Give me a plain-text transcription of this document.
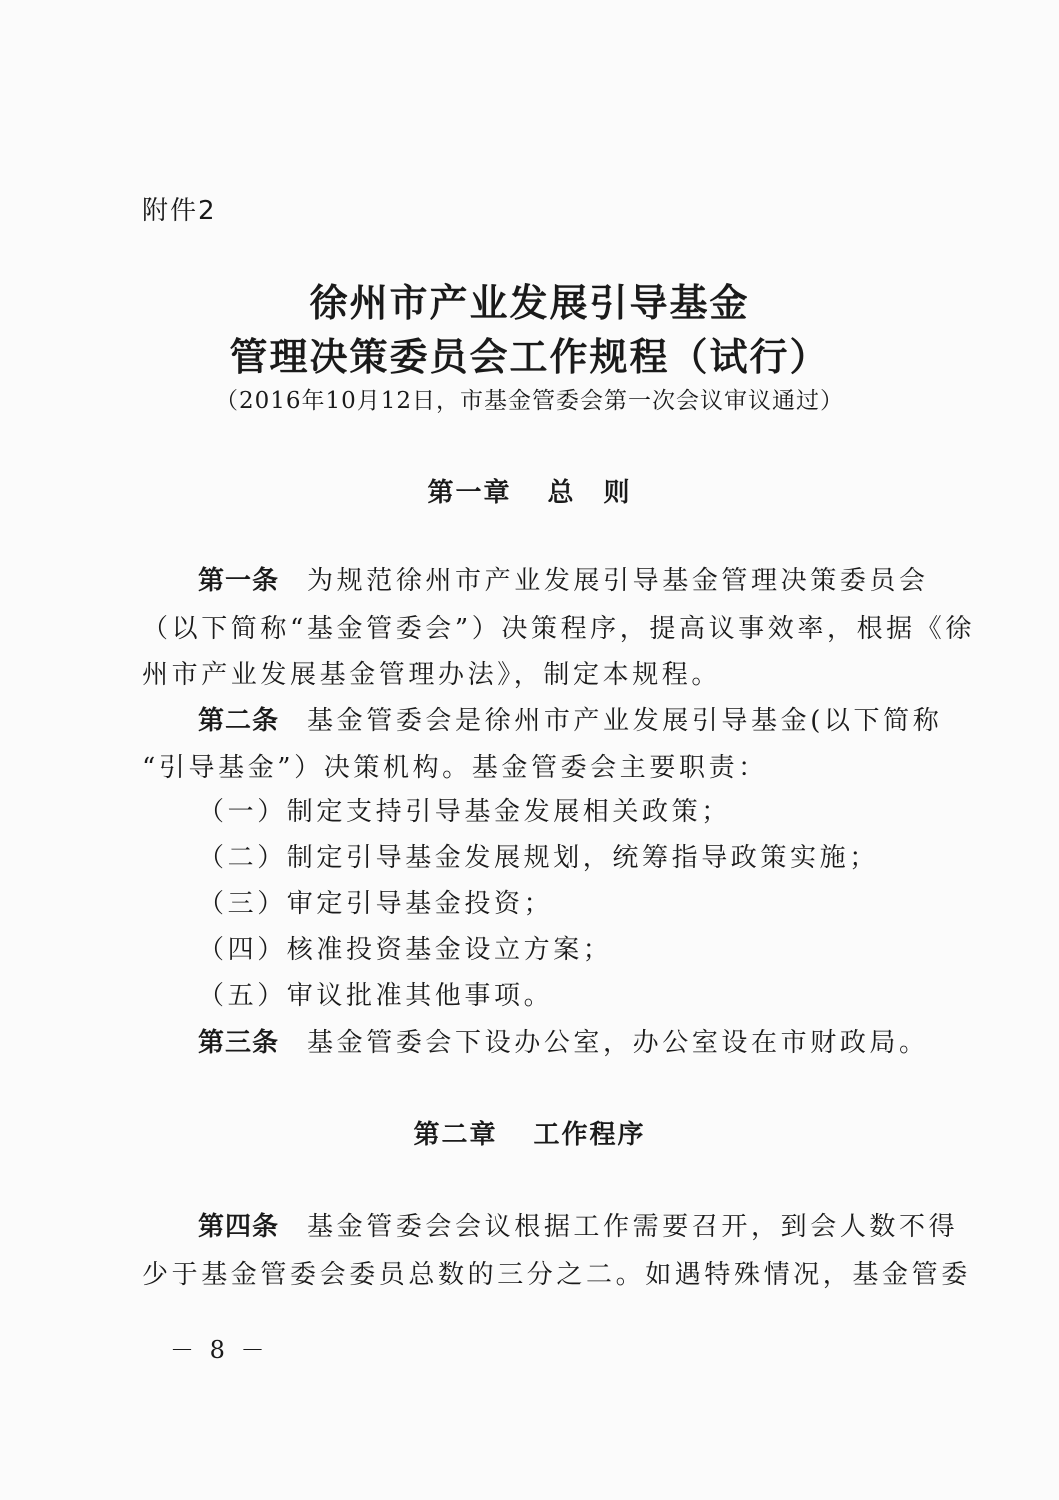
附件2
徐州市产业发展引导基金
管理决策委员会工作规程（试行）
（2016年10月12日，市基金管委会第一次会议审议通过）
第一章 总　则
第一条 为规范徐州市产业发展引导基金管理决策委员会
（以下简称“基金管委会”）决策程序，提高议事效率，根据《徐
州市产业发展基金管理办法》，制定本规程。
第二条 基金管委会是徐州市产业发展引导基金(以下简称
“引导基金”）决策机构。基金管委会主要职责：
（一）制定支持引导基金发展相关政策；
（二）制定引导基金发展规划，统筹指导政策实施；
（三）审定引导基金投资；
（四）核准投资基金设立方案；
（五）审议批准其他事项。
第三条 基金管委会下设办公室，办公室设在市财政局。
第二章 工作程序
第四条 基金管委会会议根据工作需要召开，到会人数不得
少于基金管委会委员总数的三分之二。如遇特殊情况，基金管委
－ 8 －
